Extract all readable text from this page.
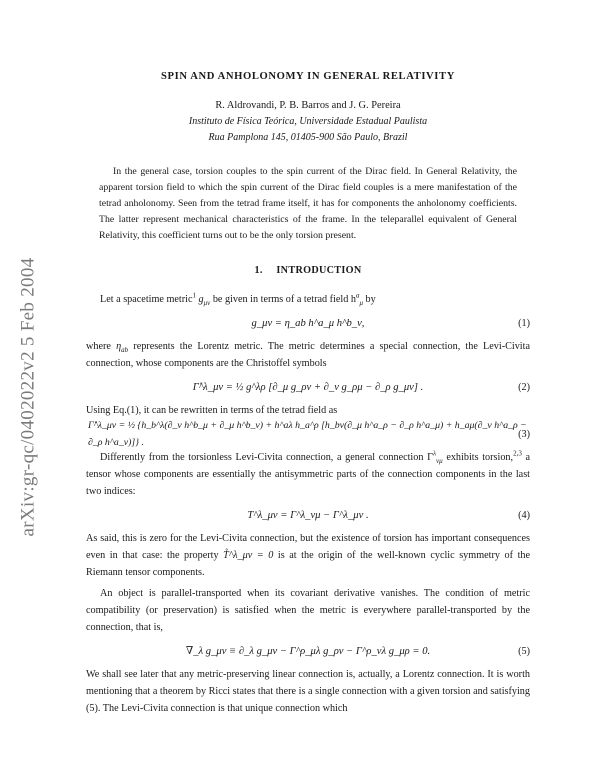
arXiv:gr-qc/0402022v2 5 Feb 2004
SPIN AND ANHOLONOMY IN GENERAL RELATIVITY
R. Aldrovandi, P. B. Barros and J. G. Pereira
Instituto de Física Teórica, Universidade Estadual Paulista
Rua Pamplona 145, 01405-900 São Paulo, Brazil
In the general case, torsion couples to the spin current of the Dirac field. In General Relativity, the apparent torsion field to which the spin current of the Dirac field couples is a mere manifestation of the tetrad anholonomy. Seen from the tetrad frame itself, it has for components the anholonomy coefficients. The latter represent mechanical characteristics of the frame. In the teleparallel equivalent of General Relativity, this coefficient turns out to be the only torsion present.
1. INTRODUCTION

Let a spacetime metric$^1$ $g_{\mu\nu}$ be given in terms of a tetrad field $h^a_\mu$ by

g_μν = η_ab h^a_μ h^b_ν,	(1)

where $\eta_{ab}$ represents the Lorentz metric. The metric determines a special connection, the Levi-Civita connection, whose components are the Christoffel symbols

Γ̊^λ_μν = ½ g^λρ [∂_μ g_ρν + ∂_ν g_ρμ − ∂_ρ g_μν] .	(2)

Using Eq.(1), it can be rewritten in terms of the tetrad field as

Γ̊^λ_μν = ½ {h_b^λ(∂_ν h^b_μ + ∂_μ h^b_ν) + h^aλ h_a^ρ [h_bν(∂_μ h^a_ρ − ∂_ρ h^a_μ) + h_aμ(∂_ν h^a_ρ − ∂_ρ h^a_ν)]} .
(3)

Differently from the torsionless Levi-Civita connection, a general connection $\Gamma^\lambda_{\nu\mu}$ exhibits torsion,$^{2,3}$ a tensor whose components are essentially the antisymmetric parts of the connection components in the last two indices:

T^λ_μν = Γ^λ_νμ − Γ^λ_μν .	(4)

As said, this is zero for the Levi-Civita connection, but the existence of torsion has important consequences even in that case: the property T̊^λ_μν = 0 is at the origin of the well-known cyclic symmetry of the Riemann tensor components.

An object is parallel-transported when its covariant derivative vanishes. The condition of metric compatibility (or preservation) is satisfied when the metric is everywhere parallel-transported by the connection, that is,

∇_λ g_μν ≡ ∂_λ g_μν − Γ^ρ_μλ g_ρν − Γ^ρ_νλ g_μρ = 0.	(5)

We shall see later that any metric-preserving linear connection is, actually, a Lorentz connection. It is worth mentioning that a theorem by Ricci states that there is a single connection with a given torsion and satisfying (5). The Levi-Civita connection is that unique connection which
